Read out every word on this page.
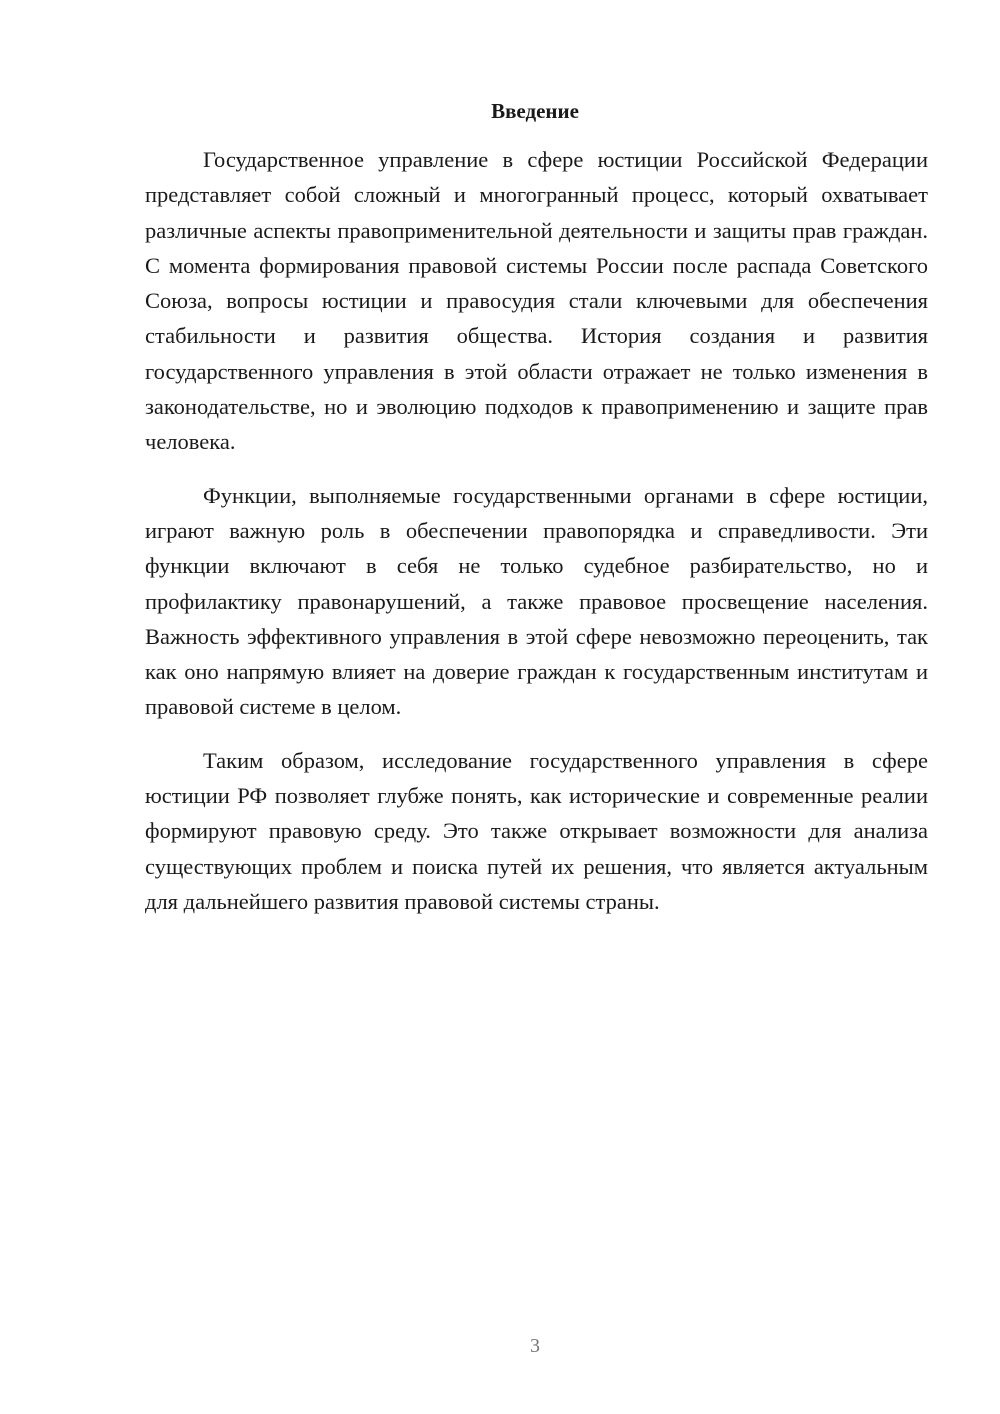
Введение

Государственное управление в сфере юстиции Российской Федерации представляет собой сложный и многогранный процесс, который охватывает различные аспекты правоприменительной деятельности и защиты прав граждан. С момента формирования правовой системы России после распада Советского Союза, вопросы юстиции и правосудия стали ключевыми для обеспечения стабильности и развития общества. История создания и развития государственного управления в этой области отражает не только изменения в законодательстве, но и эволюцию подходов к правоприменению и защите прав человека.

Функции, выполняемые государственными органами в сфере юстиции, играют важную роль в обеспечении правопорядка и справедливости. Эти функции включают в себя не только судебное разбирательство, но и профилактику правонарушений, а также правовое просвещение населения. Важность эффективного управления в этой сфере невозможно переоценить, так как оно напрямую влияет на доверие граждан к государственным институтам и правовой системе в целом.

Таким образом, исследование государственного управления в сфере юстиции РФ позволяет глубже понять, как исторические и современные реалии формируют правовую среду. Это также открывает возможности для анализа существующих проблем и поиска путей их решения, что является актуальным для дальнейшего развития правовой системы страны.

3
